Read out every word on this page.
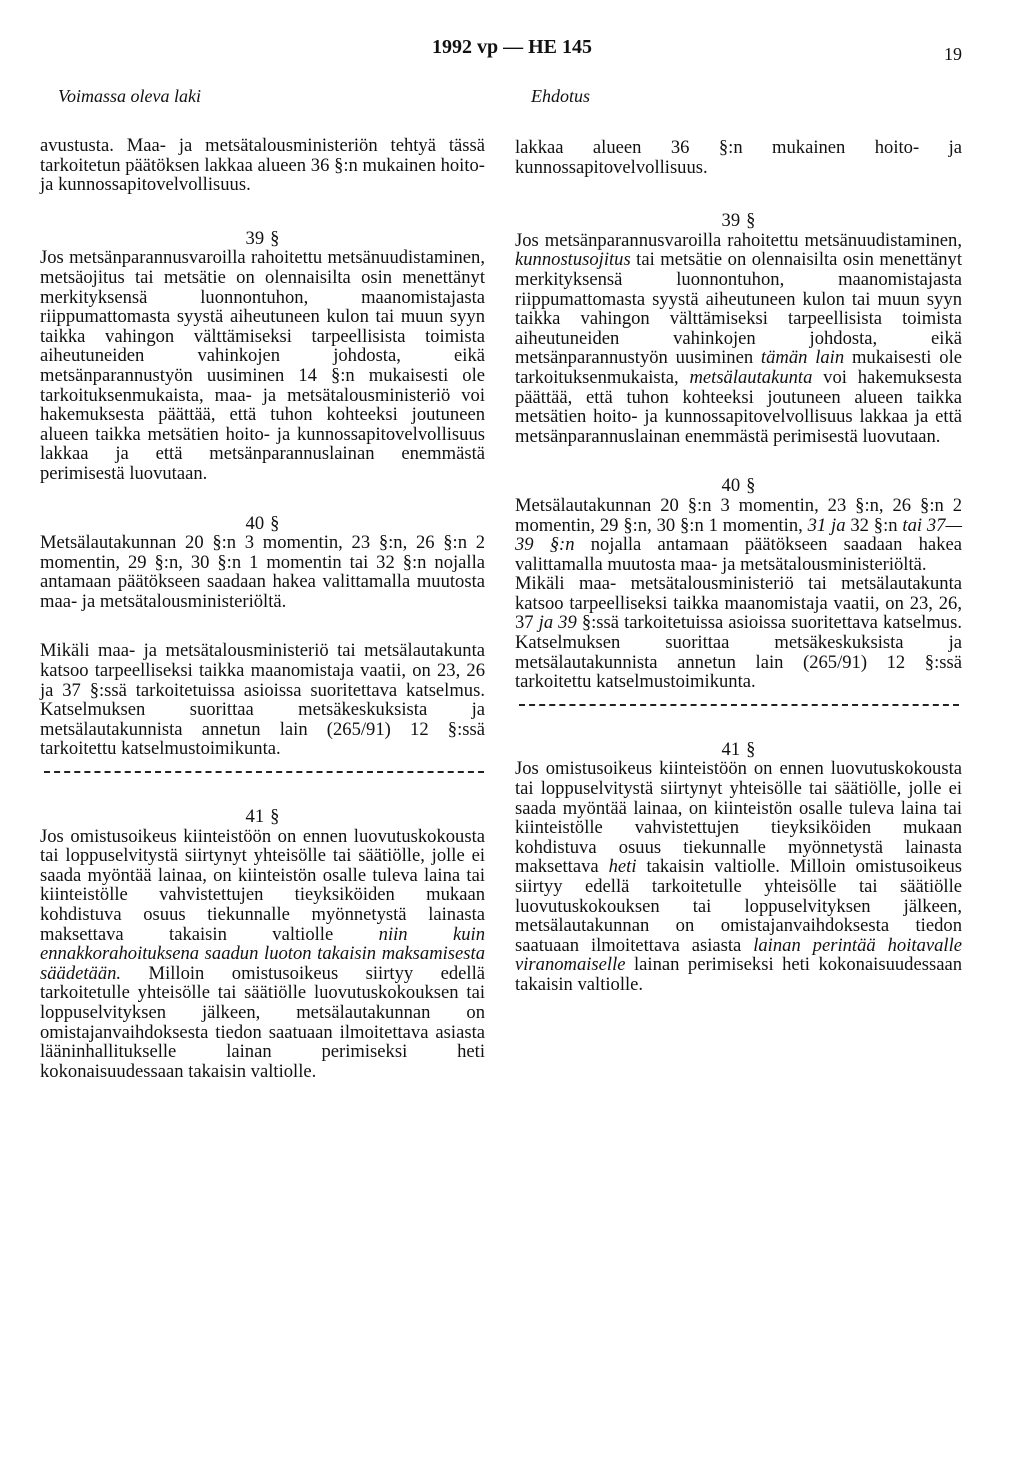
1992 vp — HE 145	19
Voimassa oleva laki	Ehdotus

avustusta. Maa- ja metsätalousministeriön tehtyä tässä tarkoitetun päätöksen lakkaa alueen 36 §:n mukainen hoito- ja kunnossapitovelvollisuus.

39 §

Jos metsänparannusvaroilla rahoitettu metsänuudistaminen, metsäojitus tai metsätie on olennaisilta osin menettänyt merkityksensä luonnontuhon, maanomistajasta riippumattomasta syystä aiheutuneen kulon tai muun syyn taikka vahingon välttämiseksi tarpeellisista toimista aiheutuneiden vahinkojen johdosta, eikä metsänparannustyön uusiminen 14 §:n mukaisesti ole tarkoituksenmukaista, maa- ja metsätalousministeriö voi hakemuksesta päättää, että tuhon kohteeksi joutuneen alueen taikka metsätien hoito- ja kunnossapitovelvollisuus lakkaa ja että metsänparannuslainan enemmästä perimisestä luovutaan.

40 §

Metsälautakunnan 20 §:n 3 momentin, 23 §:n, 26 §:n 2 momentin, 29 §:n, 30 §:n 1 momentin tai 32 §:n nojalla antamaan päätökseen saadaan hakea valittamalla muutosta maa- ja metsätalousministeriöltä.

Mikäli maa- ja metsätalousministeriö tai metsälautakunta katsoo tarpeelliseksi taikka maanomistaja vaatii, on 23, 26 ja 37 §:ssä tarkoitetuissa asioissa suoritettava katselmus. Katselmuksen suorittaa metsäkeskuksista ja metsälautakunnista annetun lain (265/91) 12 §:ssä tarkoitettu katselmustoimikunta.

41 §

Jos omistusoikeus kiinteistöön on ennen luovutuskokousta tai loppuselvitystä siirtynyt yhteisölle tai säätiölle, jolle ei saada myöntää lainaa, on kiinteistön osalle tuleva laina tai kiinteistölle vahvistettujen tieyksiköiden mukaan kohdistuva osuus tiekunnalle myönnetystä lainasta maksettava takaisin valtiolle niin kuin ennakkorahoituksena saadun luoton takaisin maksamisesta säädetään. Milloin omistusoikeus siirtyy edellä tarkoitetulle yhteisölle tai säätiölle luovutuskokouksen tai loppuselvityksen jälkeen, metsälautakunnan on omistajanvaihdoksesta tiedon saatuaan ilmoitettava asiasta lääninhallitukselle lainan perimiseksi heti kokonaisuudessaan takaisin valtiolle.

lakkaa alueen 36 §:n mukainen hoito- ja kunnossapitovelvollisuus.

39 §

Jos metsänparannusvaroilla rahoitettu metsänuudistaminen, kunnostusojitus tai metsätie on olennaisilta osin menettänyt merkityksensä luonnontuhon, maanomistajasta riippumattomasta syystä aiheutuneen kulon tai muun syyn taikka vahingon välttämiseksi tarpeellisista toimista aiheutuneiden vahinkojen johdosta, eikä metsänparannustyön uusiminen tämän lain mukaisesti ole tarkoituksenmukaista, metsälautakunta voi hakemuksesta päättää, että tuhon kohteeksi joutuneen alueen taikka metsätien hoito- ja kunnossapitovelvollisuus lakkaa ja että metsänparannuslainan enemmästä perimisestä luovutaan.

40 §

Metsälautakunnan 20 §:n 3 momentin, 23 §:n, 26 §:n 2 momentin, 29 §:n, 30 §:n 1 momentin, 31 ja 32 §:n tai 37—39 §:n nojalla antamaan päätökseen saadaan hakea valittamalla muutosta maa- ja metsätalousministeriöltä.

Mikäli maa- metsätalousministeriö tai metsälautakunta katsoo tarpeelliseksi taikka maanomistaja vaatii, on 23, 26, 37 ja 39 §:ssä tarkoitetuissa asioissa suoritettava katselmus. Katselmuksen suorittaa metsäkeskuksista ja metsälautakunnista annetun lain (265/91) 12 §:ssä tarkoitettu katselmustoimikunta.

41 §

Jos omistusoikeus kiinteistöön on ennen luovutuskokousta tai loppuselvitystä siirtynyt yhteisölle tai säätiölle, jolle ei saada myöntää lainaa, on kiinteistön osalle tuleva laina tai kiinteistölle vahvistettujen tieyksiköiden mukaan kohdistuva osuus tiekunnalle myönnetystä lainasta maksettava heti takaisin valtiolle. Milloin omistusoikeus siirtyy edellä tarkoitetulle yhteisölle tai säätiölle luovutuskokouksen tai loppuselvityksen jälkeen, metsälautakunnan on omistajanvaihdoksesta tiedon saatuaan ilmoitettava asiasta lainan perintää hoitavalle viranomaiselle lainan perimiseksi heti kokonaisuudessaan takaisin valtiolle.
